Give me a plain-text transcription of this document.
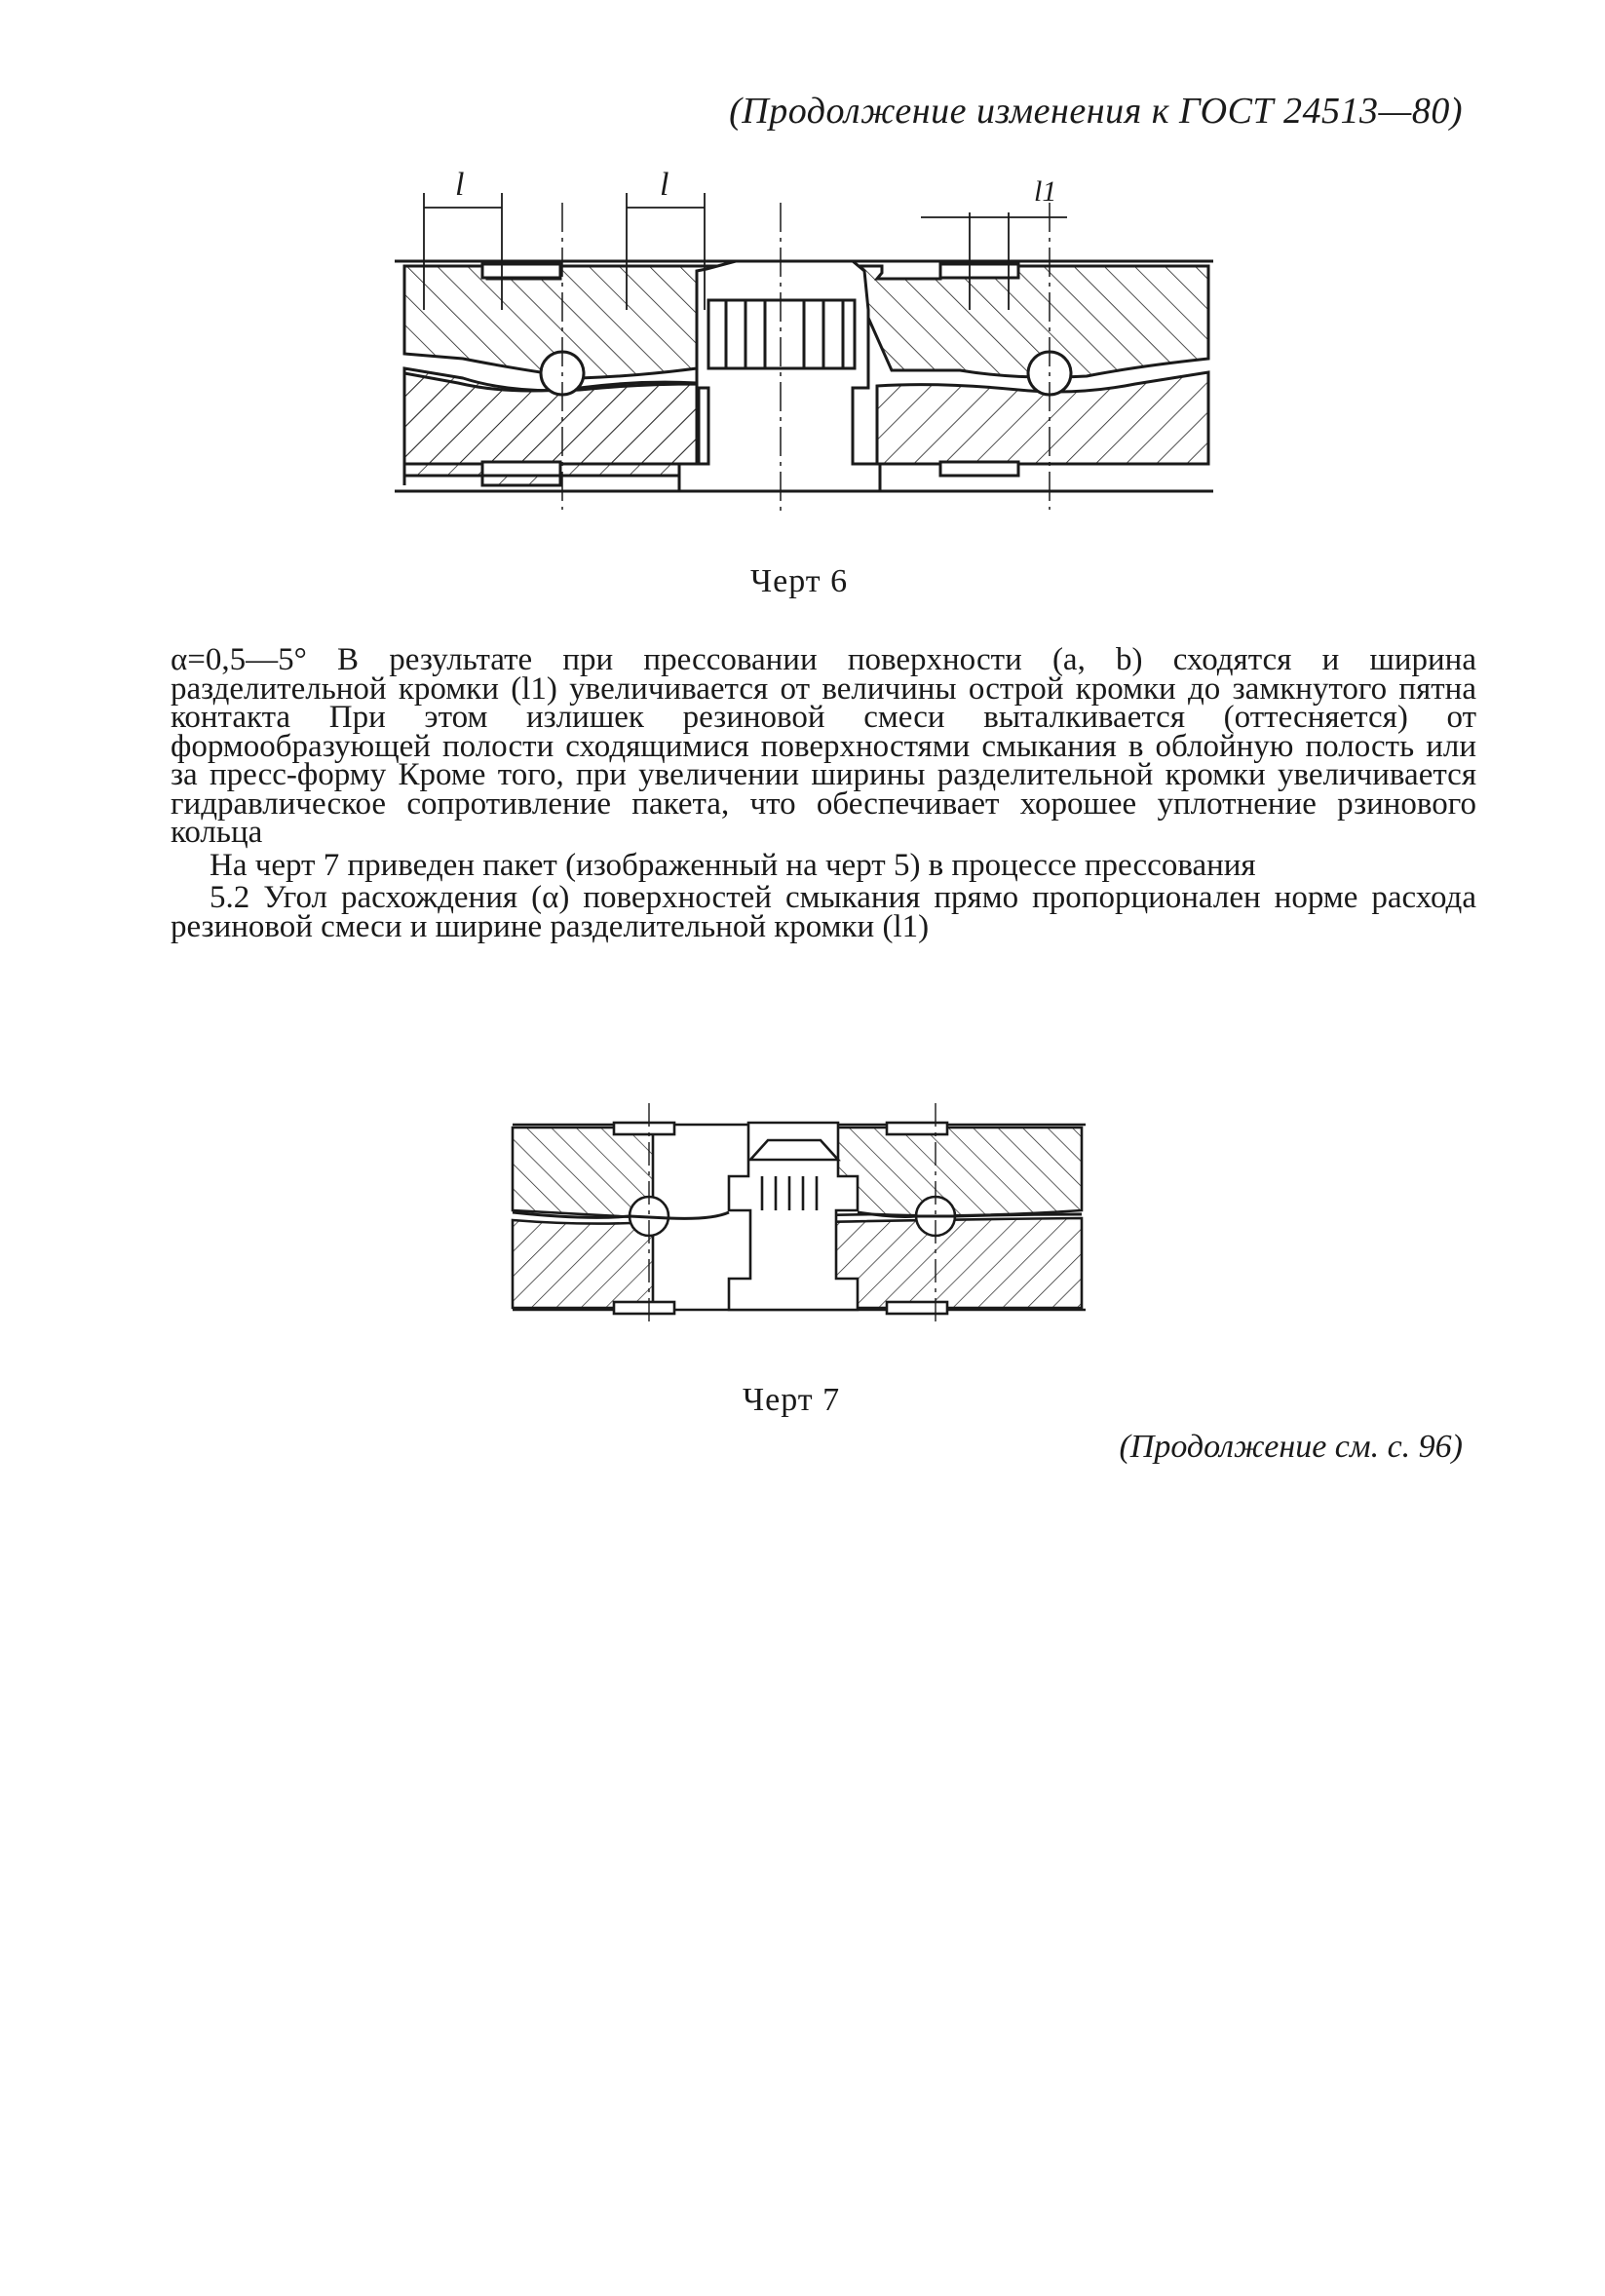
(Продолжение изменения к ГОСТ 24513—80)

l	l	l1

Черт 6

α=0,5—5° В результате при прессовании поверхности (a, b) сходятся и ширина разделительной кромки (l1) увеличивается от величины острой кромки до замкнутого пятна контакта При этом излишек резиновой смеси выталкивается (оттесняется) от формообразующей полости сходящимися поверхностями смыкания в облойную полость или за пресс-форму Кроме того, при увеличении ширины разделительной кромки увеличивается гидравлическое сопротивление пакета, что обеспечивает хорошее уплотнение рзинового кольца

На черт 7 приведен пакет (изображенный на черт 5) в процессе прессования

5.2 Угол расхождения (α) поверхностей смыкания прямо пропорционален норме расхода резиновой смеси и ширине разделительной кромки (l1)

Черт 7

(Продолжение см. с. 96)
